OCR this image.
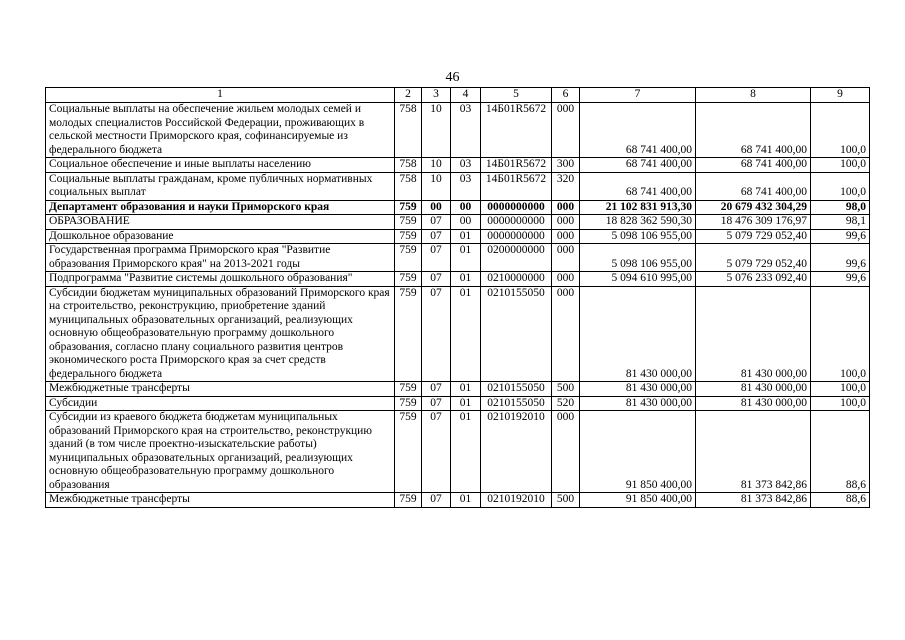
46
1	2	3	4	5	6	7	8	9
Социальные выплаты на обеспечение жильем молодых семей и молодых специалистов Российской Федерации, проживающих в сельской местности Приморского края, софинансируемые из федерального бюджета	758	10	03	14Б01R5672	000	68 741 400,00	68 741 400,00	100,0
Социальное обеспечение и иные выплаты населению	758	10	03	14Б01R5672	300	68 741 400,00	68 741 400,00	100,0
Социальные выплаты гражданам, кроме публичных нормативных социальных выплат	758	10	03	14Б01R5672	320	68 741 400,00	68 741 400,00	100,0
Департамент образования и науки Приморского края	759	00	00	0000000000	000	21 102 831 913,30	20 679 432 304,29	98,0
ОБРАЗОВАНИЕ	759	07	00	0000000000	000	18 828 362 590,30	18 476 309 176,97	98,1
Дошкольное образование	759	07	01	0000000000	000	5 098 106 955,00	5 079 729 052,40	99,6
Государственная программа Приморского края "Развитие образования Приморского края" на 2013-2021 годы	759	07	01	0200000000	000	5 098 106 955,00	5 079 729 052,40	99,6
Подпрограмма "Развитие системы дошкольного образования"	759	07	01	0210000000	000	5 094 610 995,00	5 076 233 092,40	99,6
Субсидии бюджетам муниципальных образований Приморского края на строительство, реконструкцию, приобретение зданий муниципальных образовательных организаций, реализующих основную общеобразовательную программу дошкольного образования, согласно плану социального развития центров экономического роста Приморского края за счет средств федерального бюджета	759	07	01	0210155050	000	81 430 000,00	81 430 000,00	100,0
Межбюджетные трансферты	759	07	01	0210155050	500	81 430 000,00	81 430 000,00	100,0
Субсидии	759	07	01	0210155050	520	81 430 000,00	81 430 000,00	100,0
Субсидии из краевого бюджета бюджетам муниципальных образований Приморского края на строительство, реконструкцию зданий (в том числе проектно-изыскательские работы) муниципальных образовательных организаций, реализующих основную общеобразовательную программу дошкольного образования	759	07	01	0210192010	000	91 850 400,00	81 373 842,86	88,6
Межбюджетные трансферты	759	07	01	0210192010	500	91 850 400,00	81 373 842,86	88,6
